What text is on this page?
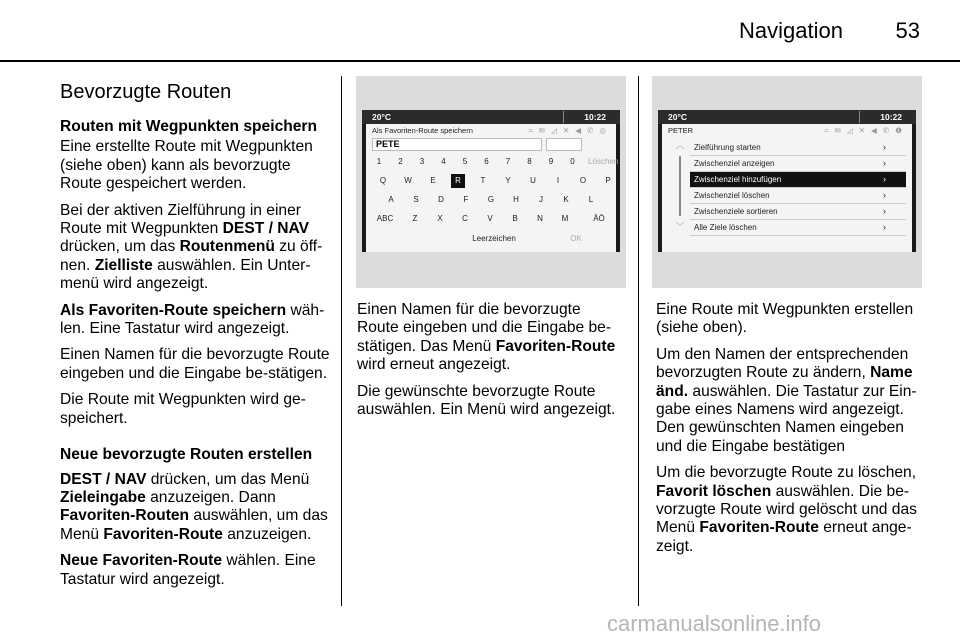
Navigation 53

Bevorzugte Routen

Routen mit Wegpunkten speichern

Eine erstellte Route mit Wegpunkten (siehe oben) kann als bevorzugte Route gespeichert werden.

Bei der aktiven Zielführung in einer Route mit Wegpunkten DEST / NAV drücken, um das Routenmenü zu öff-nen. Zielliste auswählen. Ein Unter-menü wird angezeigt.

Als Favoriten-Route speichern wäh-len. Eine Tastatur wird angezeigt.

Einen Namen für die bevorzugte Route eingeben und die Eingabe be-stätigen.

Die Route mit Wegpunkten wird ge-speichert.

Neue bevorzugte Routen erstellen

DEST / NAV drücken, um das Menü Zieleingabe anzuzeigen. Dann Favoriten-Routen auswählen, um das Menü Favoriten-Route anzuzeigen.

Neue Favoriten-Route wählen. Eine Tastatur wird angezeigt.

20°C	10:22
Als Favoriten-Route speichern	≈ ✉ ◿ ✕ ◀ ✆ ◎
PETE
1	2	3	4	5	6	7	8	9	0	Löschen
Q	W	E	R	T	Y	U	I	O	P
A	S	D	F	G	H	J	K	L
ABC	Z	X	C	V	B	N	M	ÄÖ
Leerzeichen	OK

Einen Namen für die bevorzugte Route eingeben und die Eingabe be-stätigen. Das Menü Favoriten-Route wird erneut angezeigt.

Die gewünschte bevorzugte Route auswählen. Ein Menü wird angezeigt.

20°C	10:22
PETER	≈ ✉ ◿ ✕ ◀ ✆ ❶
︿
﹀
Zielführung starten	›
Zwischenziel anzeigen	›
Zwischenziel hinzufügen	›
Zwischenziel löschen	›
Zwischenziele sortieren	›
Alle Ziele löschen	›

Eine Route mit Wegpunkten erstellen (siehe oben).

Um den Namen der entsprechenden bevorzugten Route zu ändern, Name änd. auswählen. Die Tastatur zur Ein-gabe eines Namens wird angezeigt. Den gewünschten Namen eingeben und die Eingabe bestätigen

Um die bevorzugte Route zu löschen, Favorit löschen auswählen. Die be-vorzugte Route wird gelöscht und das Menü Favoriten-Route erneut ange-zeigt.

carmanualsonline.info
